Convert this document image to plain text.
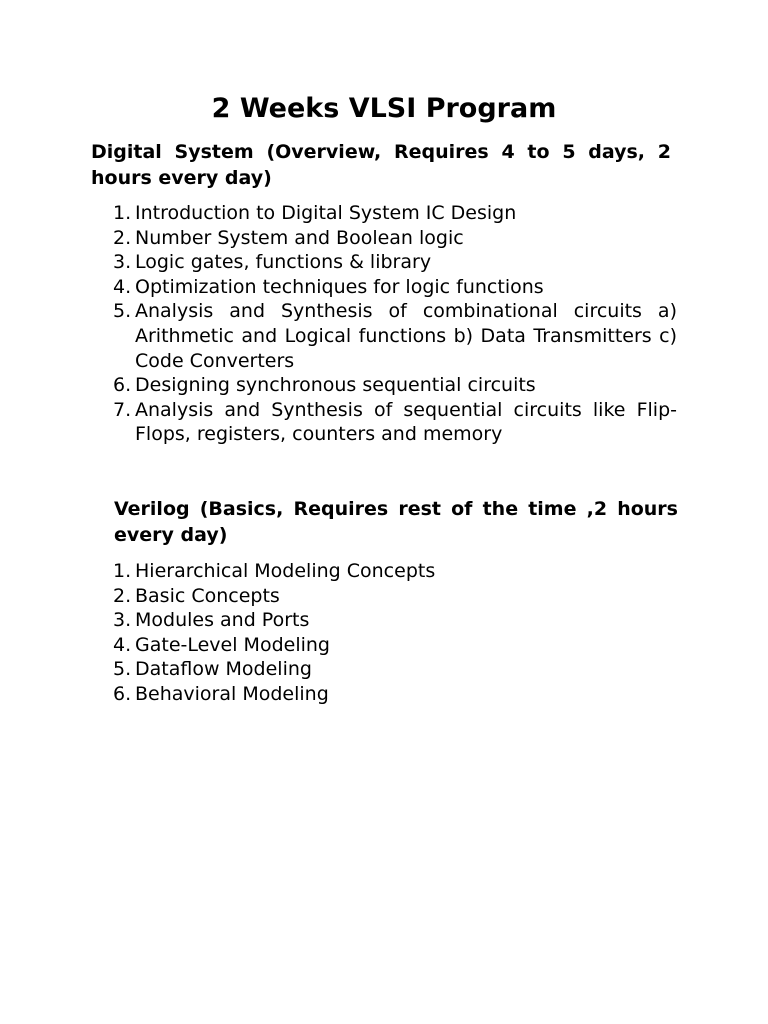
2 Weeks VLSI Program
Digital System (Overview, Requires 4 to 5 days, 2 hours every day)
1. Introduction to Digital System IC Design
2. Number System and Boolean logic
3. Logic gates, functions & library
4. Optimization techniques for logic functions
5. Analysis and Synthesis of combinational circuits a) Arithmetic and Logical functions b) Data Transmitters c) Code Converters
6. Designing synchronous sequential circuits
7. Analysis and Synthesis of sequential circuits like Flip-Flops, registers, counters and memory
Verilog (Basics, Requires rest of the time ,2 hours every day)
1. Hierarchical Modeling Concepts
2. Basic Concepts
3. Modules and Ports
4. Gate-Level Modeling
5. Dataflow Modeling
6. Behavioral Modeling
